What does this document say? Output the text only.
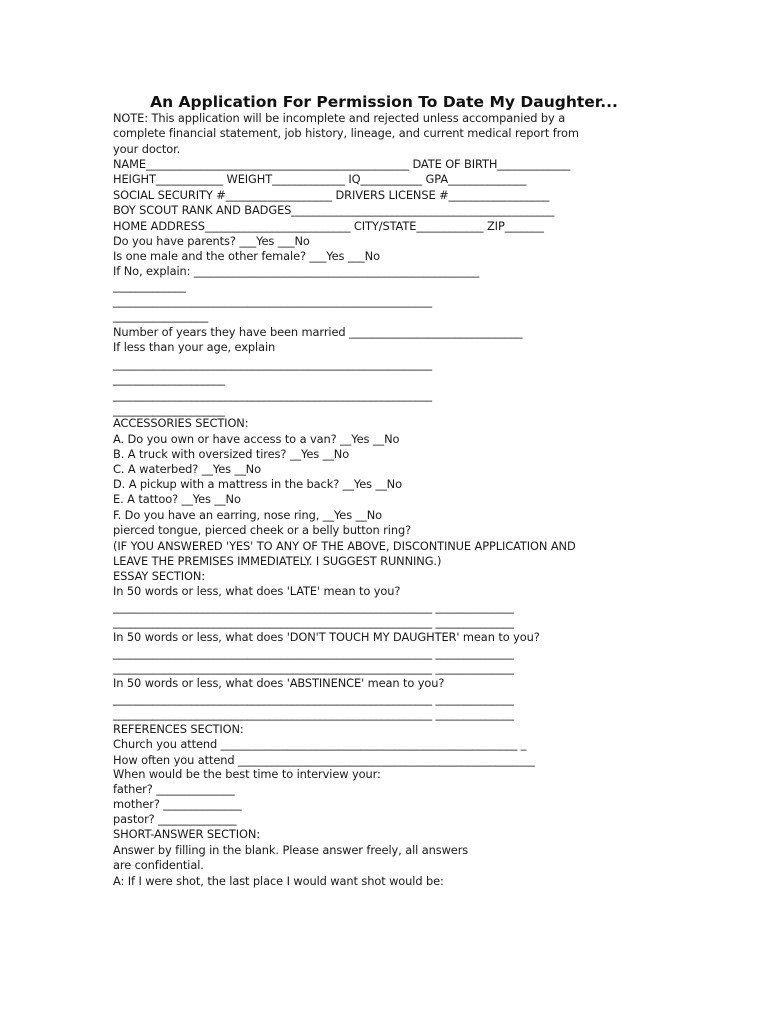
An Application For Permission To Date My Daughter...
NOTE: This application will be incomplete and rejected unless accompanied by a
complete financial statement, job history, lineage, and current medical report from
your doctor.
NAME_______________________________________________ DATE OF BIRTH_____________
HEIGHT____________ WEIGHT_____________ IQ___________ GPA______________
SOCIAL SECURITY #___________________ DRIVERS LICENSE #__________________
BOY SCOUT RANK AND BADGES_______________________________________________
HOME ADDRESS__________________________ CITY/STATE____________ ZIP_______
Do you have parents? ___Yes ___No
Is one male and the other female? ___Yes ___No
If No, explain: ___________________________________________________
_____________
_________________________________________________________
_________________
Number of years they have been married _______________________________
If less than your age, explain
_________________________________________________________
____________________
_________________________________________________________
____________________
ACCESSORIES SECTION:
A. Do you own or have access to a van? __Yes __No
B. A truck with oversized tires? __Yes __No
C. A waterbed? __Yes __No
D. A pickup with a mattress in the back? __Yes __No
E. A tattoo? __Yes __No
F. Do you have an earring, nose ring, __Yes __No
pierced tongue, pierced cheek or a belly button ring?
(IF YOU ANSWERED 'YES' TO ANY OF THE ABOVE, DISCONTINUE APPLICATION AND
LEAVE THE PREMISES IMMEDIATELY. I SUGGEST RUNNING.)
ESSAY SECTION:
In 50 words or less, what does 'LATE' mean to you?
_________________________________________________________ ______________
_________________________________________________________ ______________
In 50 words or less, what does 'DON'T TOUCH MY DAUGHTER' mean to you?
_________________________________________________________ ______________
_________________________________________________________ ______________
In 50 words or less, what does 'ABSTINENCE' mean to you?
_________________________________________________________ ______________
_________________________________________________________ ______________
REFERENCES SECTION:
Church you attend _____________________________________________________ _
How often you attend _____________________________________________________
When would be the best time to interview your:
father? ______________
mother? ______________
pastor? ______________
SHORT-ANSWER SECTION:
Answer by filling in the blank. Please answer freely, all answers
are confidential.
A: If I were shot, the last place I would want shot would be:
